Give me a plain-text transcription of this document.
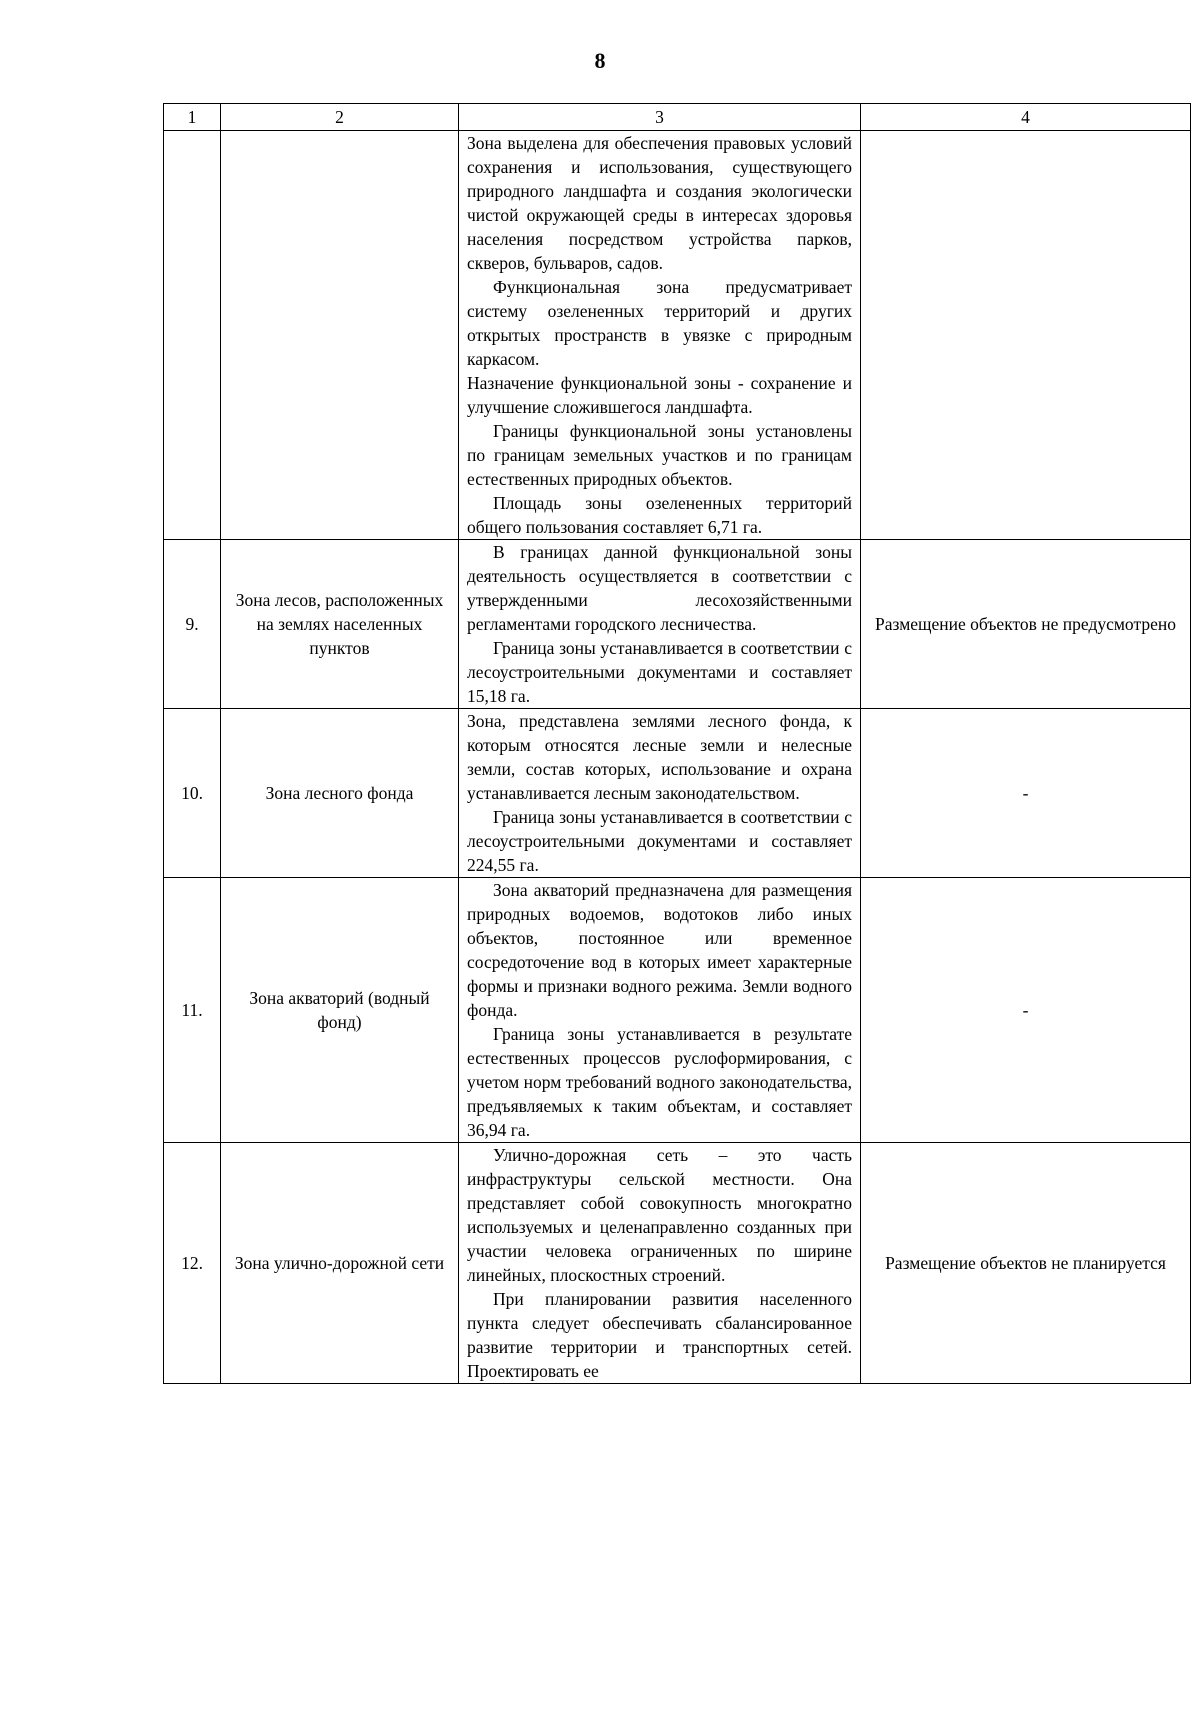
8
1	2	3	4

		Зона выделена для обеспечения правовых условий сохранения и использования, существующего природного ландшафта и создания экологически чистой окружающей среды в интересах здоровья населения посредством устройства парков, скверов, бульваров, садов.

Функциональная зона предусматривает систему озелененных территорий и других открытых пространств в увязке с природным каркасом.

Назначение функциональной зоны - сохранение и улучшение сложившегося ландшафта.

Границы функциональной зоны установлены по границам земельных участков и по границам естественных природных объектов.

Площадь зоны озелененных территорий общего пользования составляет 6,71 га.	

9.	Зона лесов, расположенных на землях населенных пунктов	В границах данной функциональной зоны деятельность осуществляется в соответствии с утвержденными лесохозяйственными регламентами городского лесничества.

Граница зоны устанавливается в соответствии с лесоустроительными документами и составляет 15,18 га.	Размещение объектов не предусмотрено
10.	Зона лесного фонда	Зона, представлена землями лесного фонда, к которым относятся лесные земли и нелесные земли, состав которых, использование и охрана устанавливается лесным законодательством.

Граница зоны устанавливается в соответствии с лесоустроительными документами и составляет 224,55 га.	-
11.	Зона акваторий (водный фонд)	Зона акваторий предназначена для размещения природных водоемов, водотоков либо иных объектов, постоянное или временное сосредоточение вод в которых имеет характерные формы и признаки водного режима. Земли водного фонда.

Граница зоны устанавливается в результате естественных процессов руслоформирования, с учетом норм требований водного законодательства, предъявляемых к таким объектам, и составляет 36,94 га.	-
12.	Зона улично-дорожной сети	Улично-дорожная сеть – это часть инфраструктуры сельской местности. Она представляет собой совокупность многократно используемых и целенаправленно созданных при участии человека ограниченных по ширине линейных, плоскостных строений.

При планировании развития населенного пункта следует обеспечивать сбалансированное развитие территории и транспортных сетей. Проектировать ее	Размещение объектов не планируется
